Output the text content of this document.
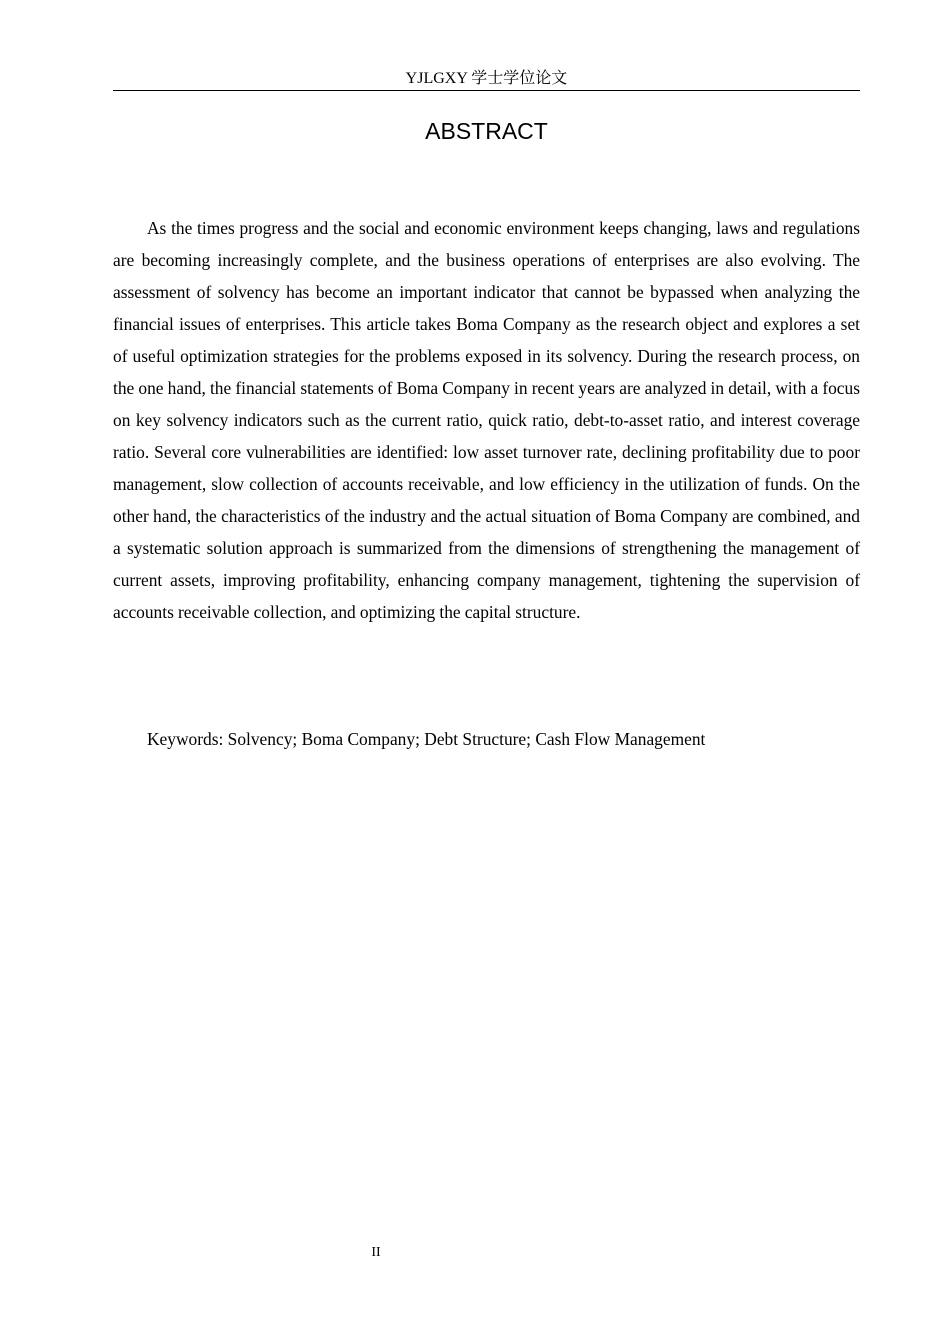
YJLGXY 学士学位论文
ABSTRACT

As the times progress and the social and economic environment keeps changing, laws and regulations are becoming increasingly complete, and the business operations of enterprises are also evolving. The assessment of solvency has become an important indicator that cannot be bypassed when analyzing the financial issues of enterprises. This article takes Boma Company as the research object and explores a set of useful optimization strategies for the problems exposed in its solvency. During the research process, on the one hand, the financial statements of Boma Company in recent years are analyzed in detail, with a focus on key solvency indicators such as the current ratio, quick ratio, debt-to-asset ratio, and interest coverage ratio. Several core vulnerabilities are identified: low asset turnover rate, declining profitability due to poor management, slow collection of accounts receivable, and low efficiency in the utilization of funds. On the other hand, the characteristics of the industry and the actual situation of Boma Company are combined, and a systematic solution approach is summarized from the dimensions of strengthening the management of current assets, improving profitability, enhancing company management, tightening the supervision of accounts receivable collection, and optimizing the capital structure.

Keywords: Solvency; Boma Company; Debt Structure; Cash Flow Management

II
